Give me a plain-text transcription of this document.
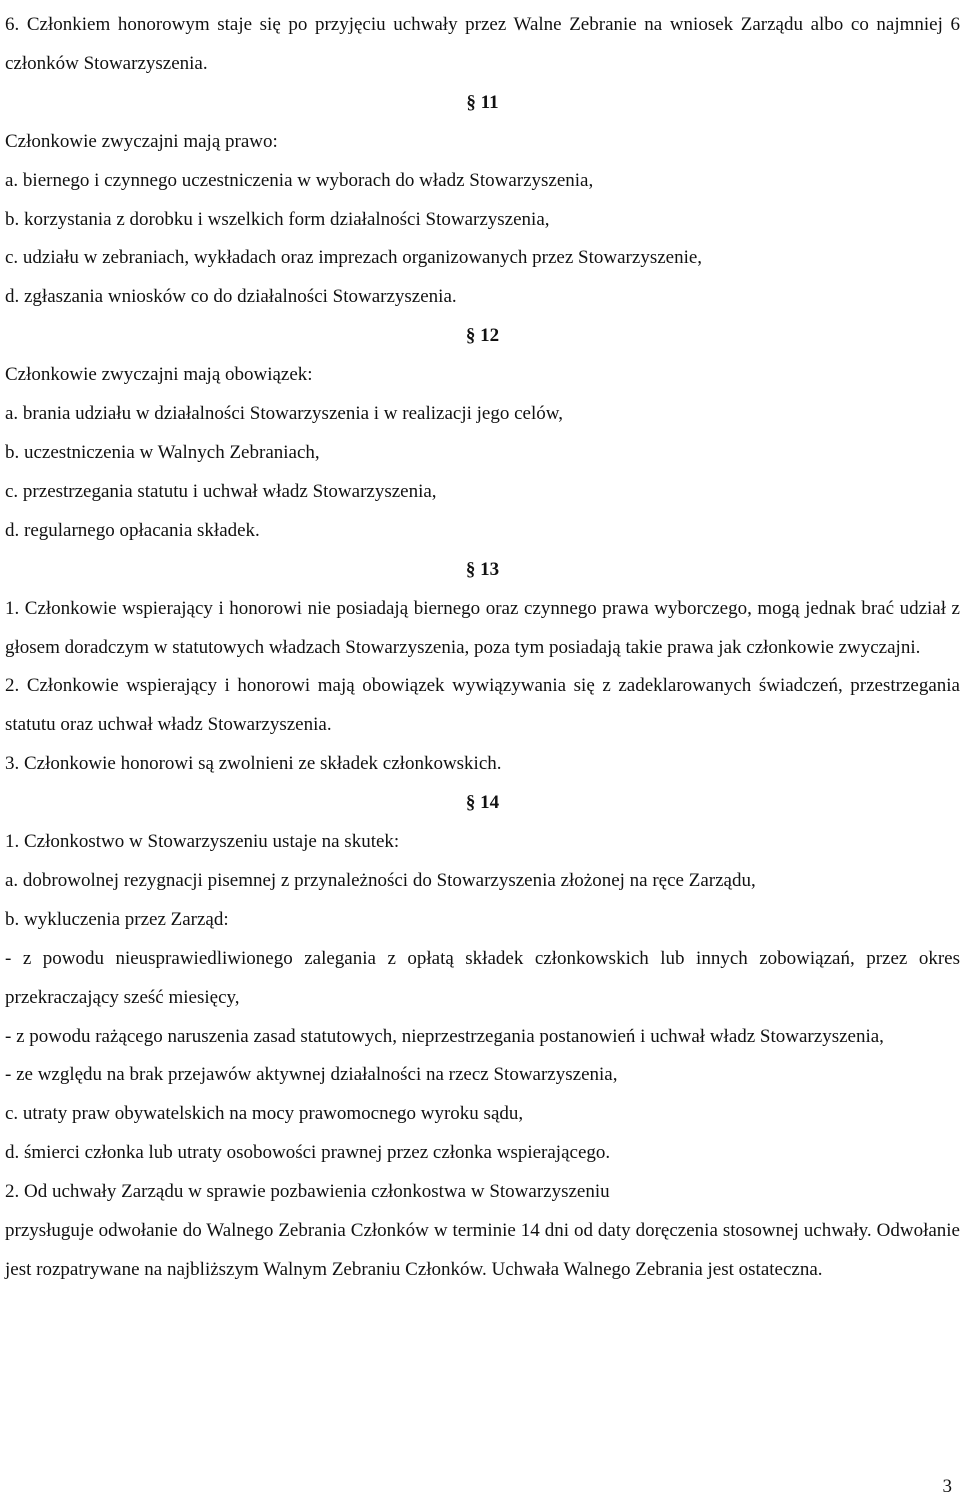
6. Członkiem honorowym staje się po przyjęciu uchwały przez Walne Zebranie na wniosek Zarządu albo co najmniej 6 członków Stowarzyszenia.

§ 11

Członkowie zwyczajni mają prawo:

a. biernego i czynnego uczestniczenia w wyborach do władz Stowarzyszenia,

b. korzystania z dorobku i wszelkich form działalności Stowarzyszenia,

c. udziału w zebraniach, wykładach oraz imprezach organizowanych przez Stowarzyszenie,

d. zgłaszania wniosków co do działalności Stowarzyszenia.

§ 12

Członkowie zwyczajni mają obowiązek:

a. brania udziału w działalności Stowarzyszenia i w realizacji jego celów,

b. uczestniczenia w Walnych Zebraniach,

c. przestrzegania statutu i uchwał władz Stowarzyszenia,

d. regularnego opłacania składek.

§ 13

1. Członkowie wspierający i honorowi nie posiadają biernego oraz czynnego prawa wyborczego, mogą jednak brać udział z głosem doradczym w statutowych władzach Stowarzyszenia, poza tym posiadają takie prawa jak członkowie zwyczajni.

2. Członkowie wspierający i honorowi mają obowiązek wywiązywania się z zadeklarowanych świadczeń, przestrzegania statutu oraz uchwał władz Stowarzyszenia.

3. Członkowie honorowi są zwolnieni ze składek członkowskich.

§ 14

1. Członkostwo w Stowarzyszeniu ustaje na skutek:

a. dobrowolnej rezygnacji pisemnej z przynależności do Stowarzyszenia złożonej na ręce Zarządu,

b. wykluczenia przez Zarząd:

- z powodu nieusprawiedliwionego zalegania z opłatą składek członkowskich lub innych zobowiązań, przez okres przekraczający sześć miesięcy,

- z powodu rażącego naruszenia zasad statutowych, nieprzestrzegania postanowień i uchwał władz Stowarzyszenia,

- ze względu na brak przejawów aktywnej działalności na rzecz Stowarzyszenia,

c. utraty praw obywatelskich na mocy prawomocnego wyroku sądu,

d. śmierci członka lub utraty osobowości prawnej przez członka wspierającego.

2. Od uchwały Zarządu w sprawie pozbawienia członkostwa w Stowarzyszeniu

przysługuje odwołanie do Walnego Zebrania Członków w terminie 14 dni od daty doręczenia stosownej uchwały. Odwołanie jest rozpatrywane na najbliższym Walnym Zebraniu Członków. Uchwała Walnego Zebrania jest ostateczna.

3
